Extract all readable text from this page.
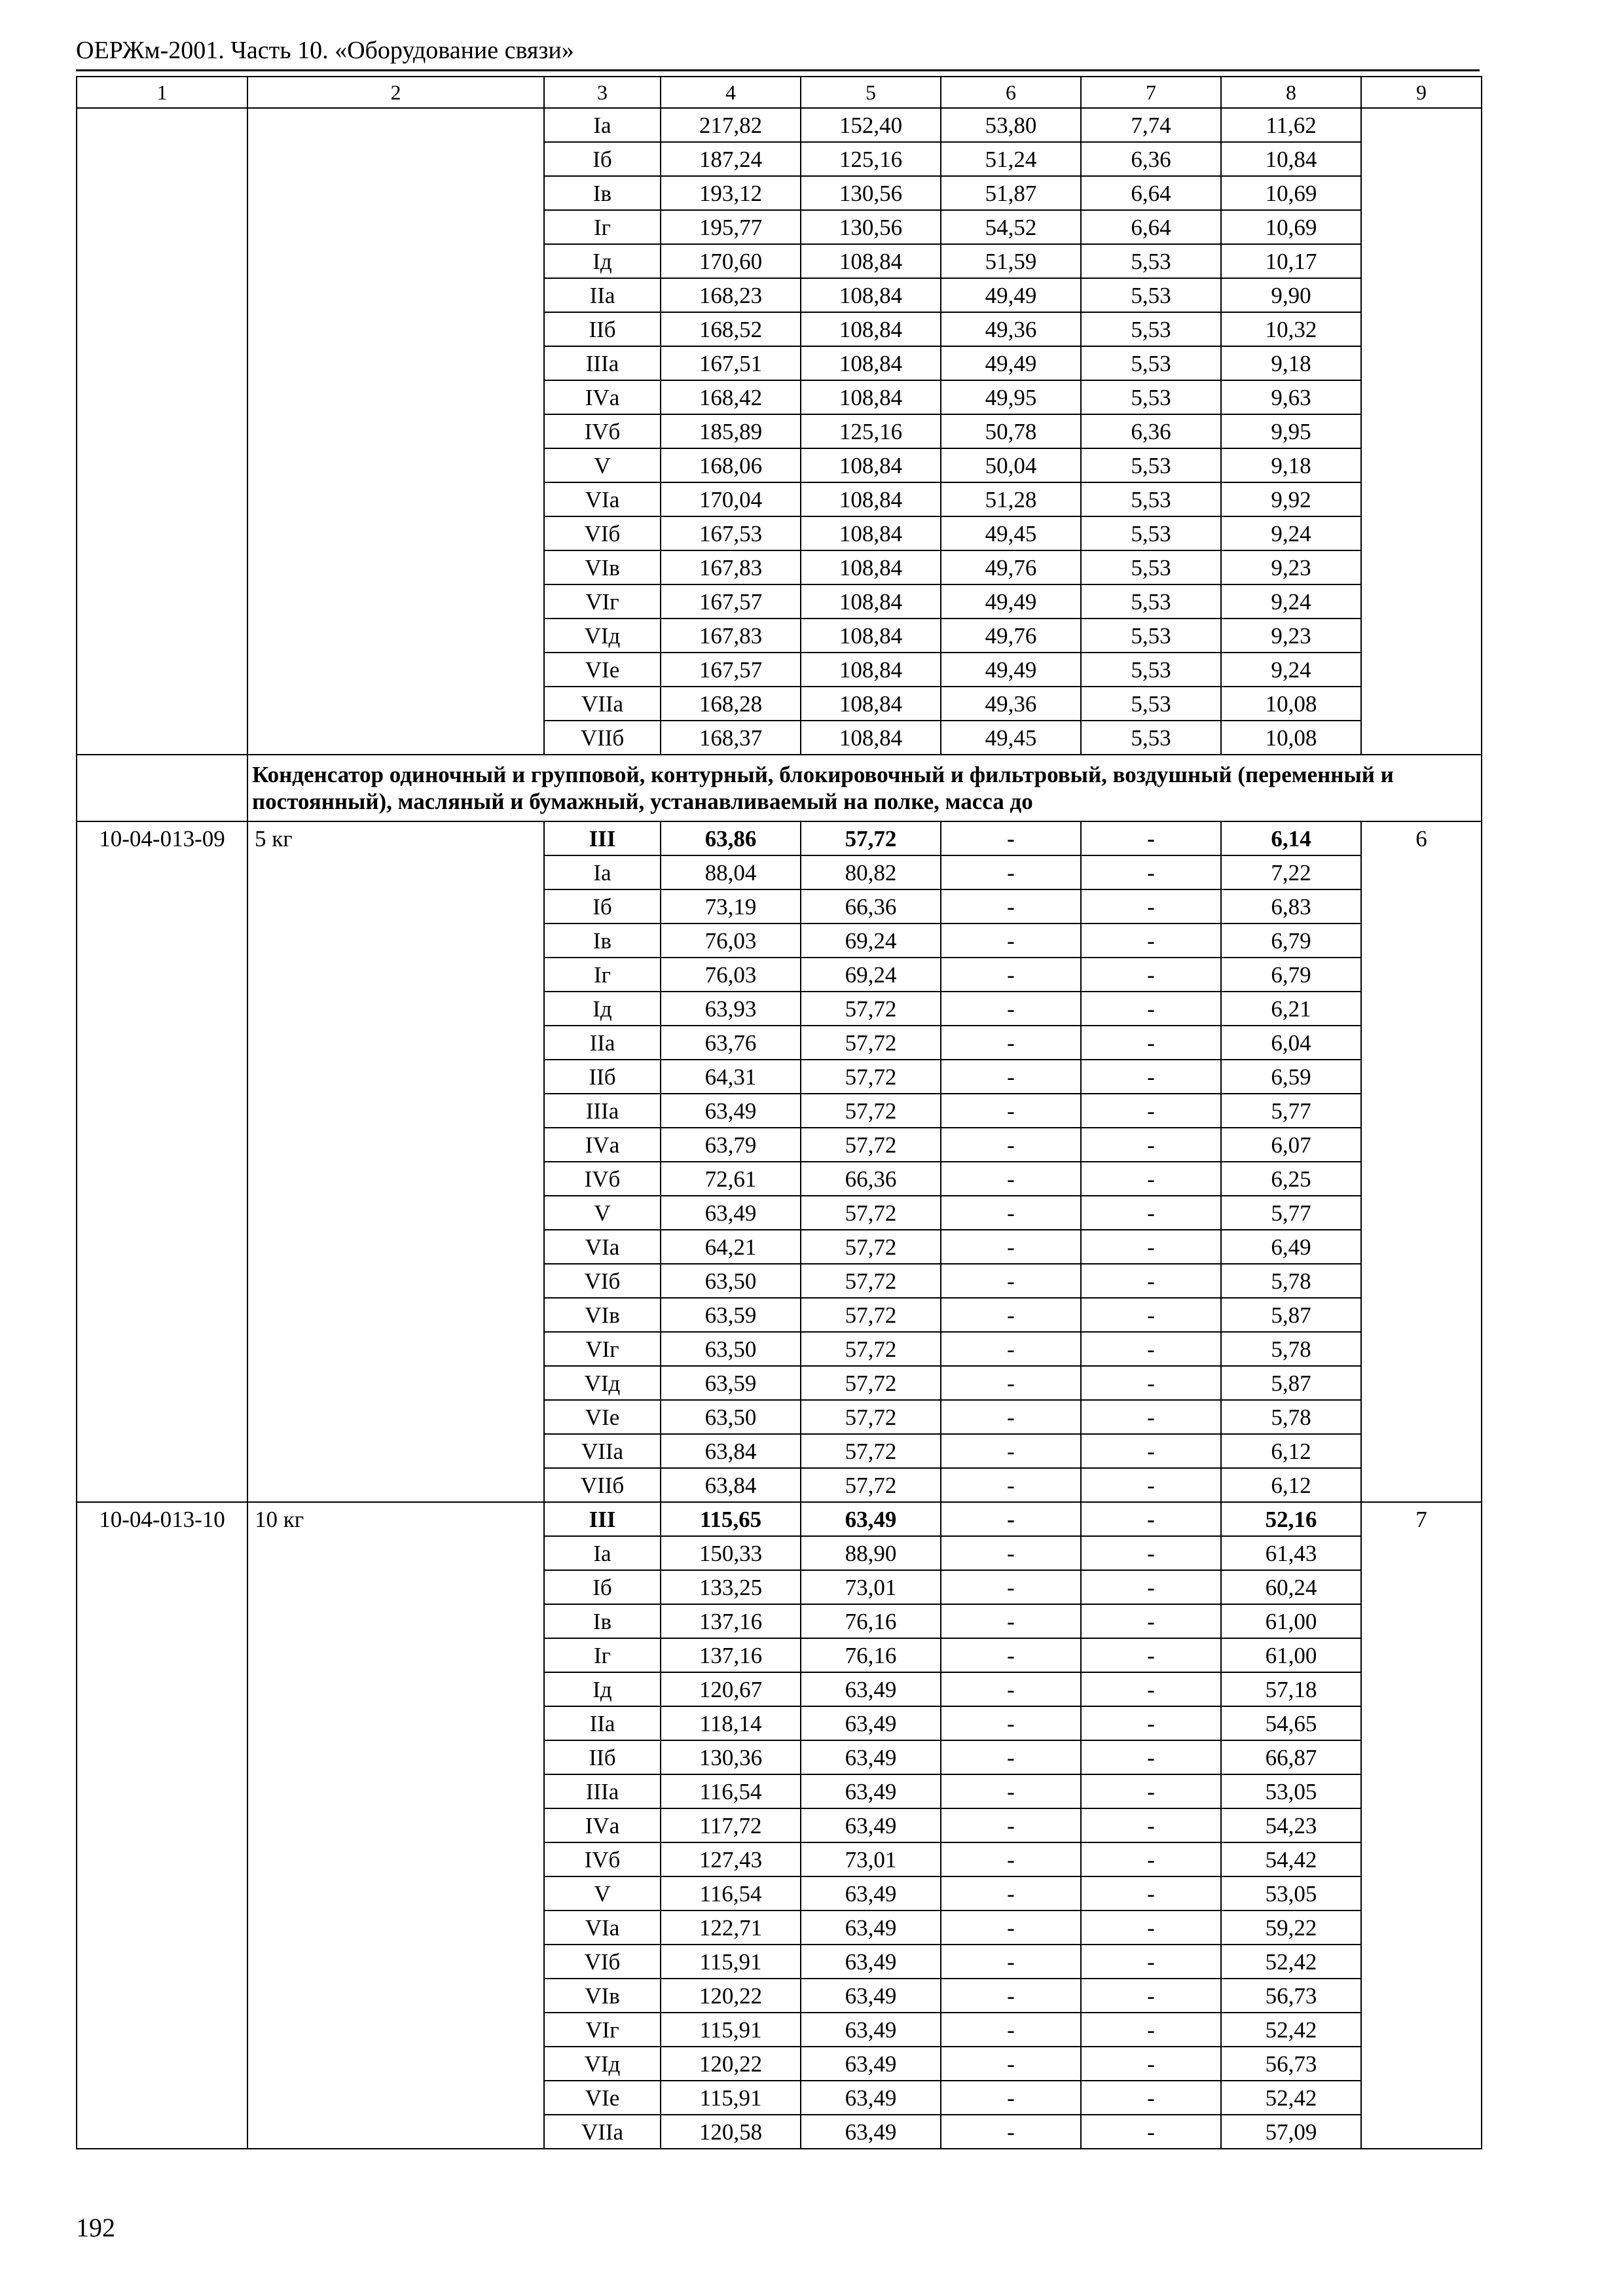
ОЕРЖм-2001. Часть 10. «Оборудование связи»
1	2	3	4	5	6	7	8	9
		Iа	217,82	152,40	53,80	7,74	11,62	
		Iб	187,24	125,16	51,24	6,36	10,84	
		Iв	193,12	130,56	51,87	6,64	10,69	
		Iг	195,77	130,56	54,52	6,64	10,69	
		Iд	170,60	108,84	51,59	5,53	10,17	
		IIа	168,23	108,84	49,49	5,53	9,90	
		IIб	168,52	108,84	49,36	5,53	10,32	
		IIIа	167,51	108,84	49,49	5,53	9,18	
		IVа	168,42	108,84	49,95	5,53	9,63	
		IVб	185,89	125,16	50,78	6,36	9,95	
		V	168,06	108,84	50,04	5,53	9,18	
		VIа	170,04	108,84	51,28	5,53	9,92	
		VIб	167,53	108,84	49,45	5,53	9,24	
		VIв	167,83	108,84	49,76	5,53	9,23	
		VIг	167,57	108,84	49,49	5,53	9,24	
		VIд	167,83	108,84	49,76	5,53	9,23	
		VIе	167,57	108,84	49,49	5,53	9,24	
		VIIа	168,28	108,84	49,36	5,53	10,08	
		VIIб	168,37	108,84	49,45	5,53	10,08	
	Конденсатор одиночный и групповой, контурный, блокировочный и фильтровый, воздушный (переменный и постоянный), масляный и бумажный, устанавливаемый на полке, масса до							
10-04-013-09	5 кг	III	63,86	57,72	-	-	6,14	6
		Iа	88,04	80,82	-	-	7,22	
		Iб	73,19	66,36	-	-	6,83	
		Iв	76,03	69,24	-	-	6,79	
		Iг	76,03	69,24	-	-	6,79	
		Iд	63,93	57,72	-	-	6,21	
		IIа	63,76	57,72	-	-	6,04	
		IIб	64,31	57,72	-	-	6,59	
		IIIа	63,49	57,72	-	-	5,77	
		IVа	63,79	57,72	-	-	6,07	
		IVб	72,61	66,36	-	-	6,25	
		V	63,49	57,72	-	-	5,77	
		VIа	64,21	57,72	-	-	6,49	
		VIб	63,50	57,72	-	-	5,78	
		VIв	63,59	57,72	-	-	5,87	
		VIг	63,50	57,72	-	-	5,78	
		VIд	63,59	57,72	-	-	5,87	
		VIе	63,50	57,72	-	-	5,78	
		VIIа	63,84	57,72	-	-	6,12	
		VIIб	63,84	57,72	-	-	6,12	
10-04-013-10	10 кг	III	115,65	63,49	-	-	52,16	7
		Iа	150,33	88,90	-	-	61,43	
		Iб	133,25	73,01	-	-	60,24	
		Iв	137,16	76,16	-	-	61,00	
		Iг	137,16	76,16	-	-	61,00	
		Iд	120,67	63,49	-	-	57,18	
		IIа	118,14	63,49	-	-	54,65	
		IIб	130,36	63,49	-	-	66,87	
		IIIа	116,54	63,49	-	-	53,05	
		IVа	117,72	63,49	-	-	54,23	
		IVб	127,43	73,01	-	-	54,42	
		V	116,54	63,49	-	-	53,05	
		VIа	122,71	63,49	-	-	59,22	
		VIб	115,91	63,49	-	-	52,42	
		VIв	120,22	63,49	-	-	56,73	
		VIг	115,91	63,49	-	-	52,42	
		VIд	120,22	63,49	-	-	56,73	
		VIе	115,91	63,49	-	-	52,42	
		VIIа	120,58	63,49	-	-	57,09	
192
